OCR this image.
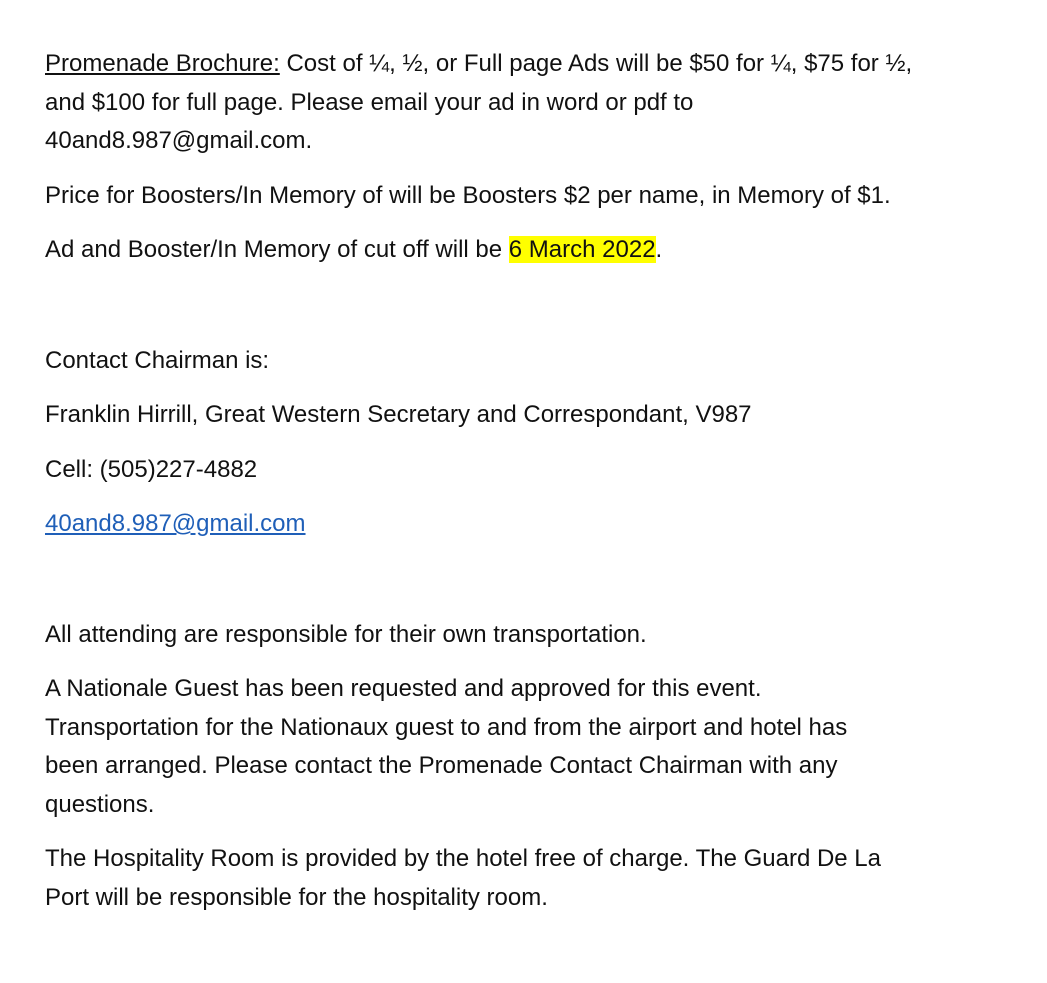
Promenade Brochure: Cost of ¼, ½, or Full page Ads will be $50 for ¼, $75 for ½,
and $100 for full page. Please email your ad in word or pdf to
40and8.987@gmail.com.

Price for Boosters/In Memory of will be Boosters $2 per name, in Memory of $1.

Ad and Booster/In Memory of cut off will be 6 March 2022.

Contact Chairman is:

Franklin Hirrill, Great Western Secretary and Correspondant, V987

Cell: (505)227-4882

40and8.987@gmail.com

All attending are responsible for their own transportation.

A Nationale Guest has been requested and approved for this event.
Transportation for the Nationaux guest to and from the airport and hotel has
been arranged. Please contact the Promenade Contact Chairman with any
questions.

The Hospitality Room is provided by the hotel free of charge. The Guard De La
Port will be responsible for the hospitality room.
